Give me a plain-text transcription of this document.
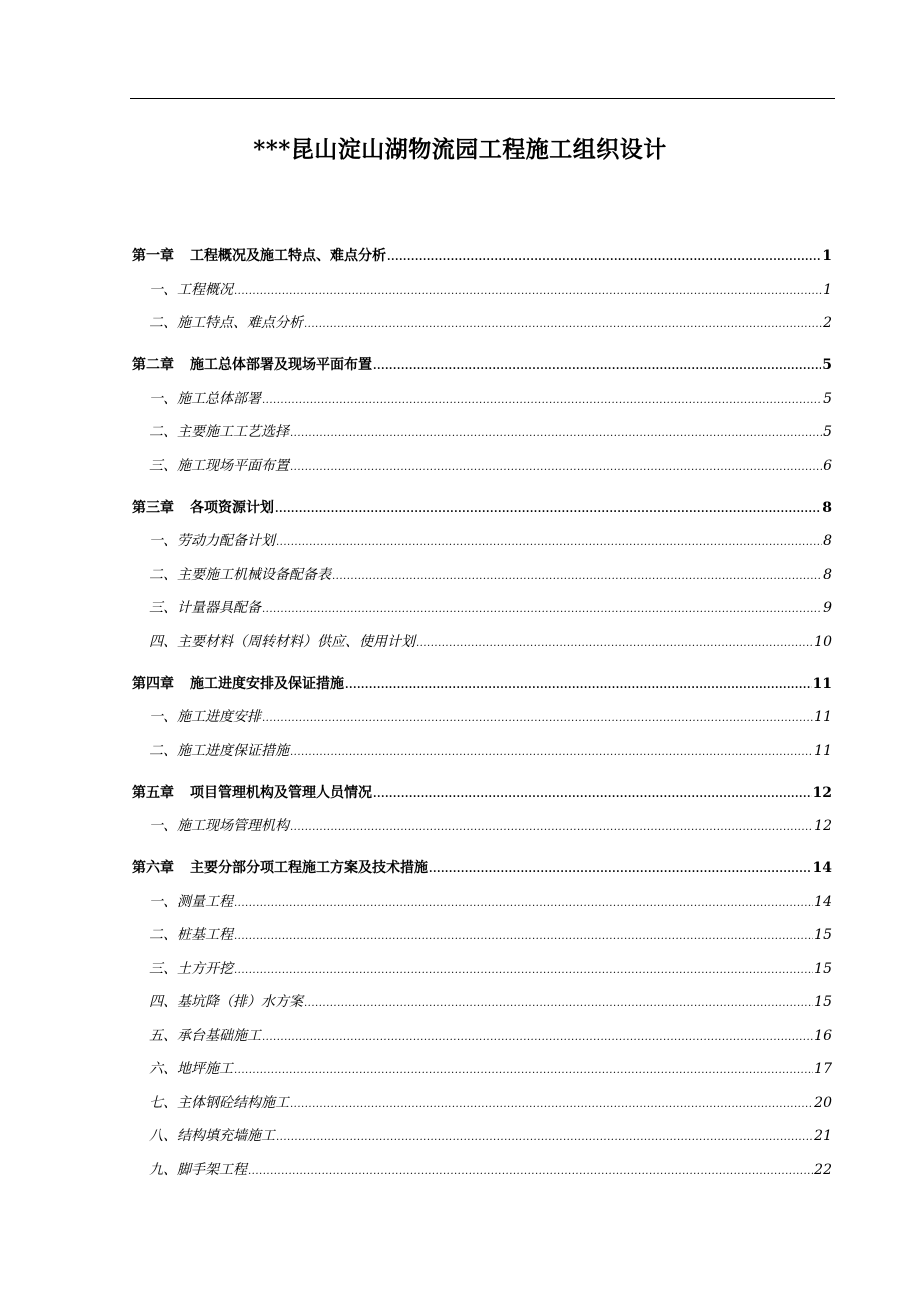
***昆山淀山湖物流园工程施工组织设计
第一章 工程概况及施工特点、难点分析 .....	1
一、工程概况 .....	1
二、施工特点、难点分析 .....	2
第二章 施工总体部署及现场平面布置 .....	5
一、施工总体部署 .....	5
二、主要施工工艺选择 .....	5
三、施工现场平面布置 .....	6
第三章 各项资源计划 .....	8
一、劳动力配备计划 .....	8
二、主要施工机械设备配备表 .....	8
三、计量器具配备 .....	9
四、主要材料（周转材料）供应、使用计划 .....	10
第四章 施工进度安排及保证措施 .....	11
一、施工进度安排 .....	11
二、施工进度保证措施 .....	11
第五章 项目管理机构及管理人员情况 .....	12
一、施工现场管理机构 .....	12
第六章 主要分部分项工程施工方案及技术措施 .....	14
一、测量工程 .....	14
二、桩基工程 .....	15
三、土方开挖 .....	15
四、基坑降（排）水方案 .....	15
五、承台基础施工 .....	16
六、地坪施工 .....	17
七、主体钢砼结构施工 .....	20
八、结构填充墙施工 .....	21
九、脚手架工程 .....	22
